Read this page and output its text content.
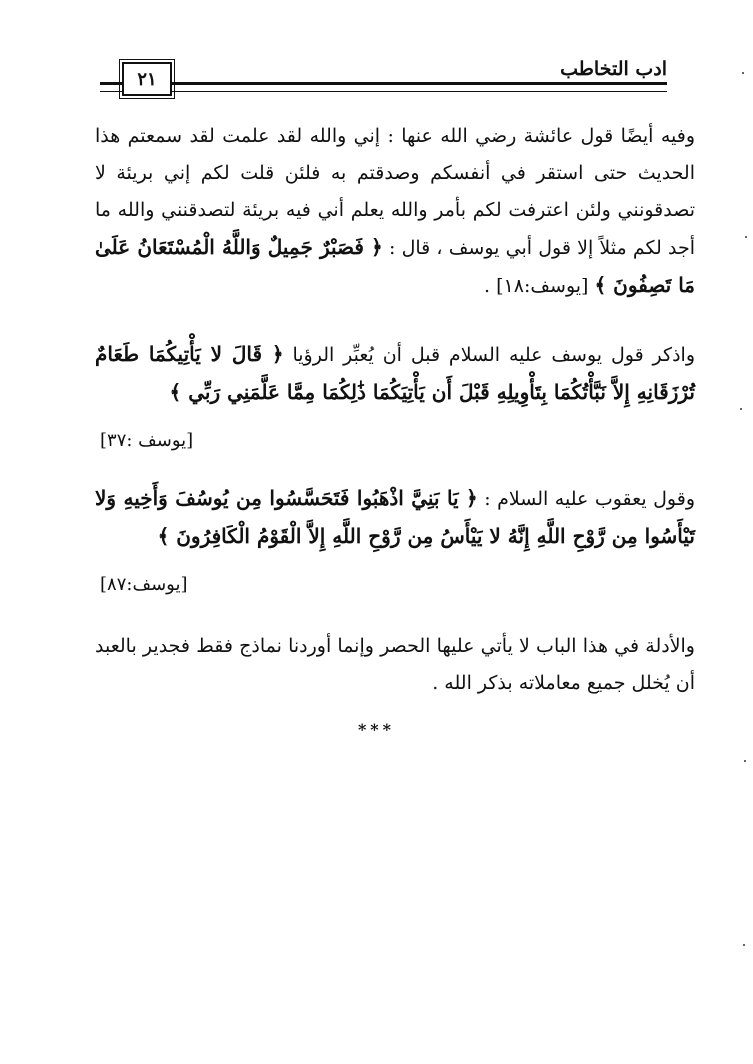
ادب التخاطب
٢١
وفيه أيضًا قول عائشة رضي الله عنها : إني والله لقد علمت لقد سمعتم هذا الحديث حتى استقر في أنفسكم وصدقتم به فلئن قلت لكم إني بريئة لا تصدقونني ولئن اعترفت لكم بأمر والله يعلم أني فيه بريئة لتصدقنني والله ما أجد لكم مثلاً إلا قول أبي يوسف ، قال : ﴿ فَصَبْرٌ جَمِيلٌ وَاللَّهُ الْمُسْتَعَانُ عَلَىٰ مَا تَصِفُونَ ﴾ [يوسف:١٨] .
واذكر قول يوسف عليه السلام قبل أن يُعبِّر الرؤيا ﴿ قَالَ لا يَأْتِيكُمَا طَعَامٌ تُرْزَقَانِهِ إِلاَّ نَبَّأْتُكُمَا بِتَأْوِيلِهِ قَبْلَ أَن يَأْتِيَكُمَا ذَٰلِكُمَا مِمَّا عَلَّمَنِي رَبِّي ﴾
[يوسف :٣٧]
وقول يعقوب عليه السلام : ﴿ يَا بَنِيَّ اذْهَبُوا فَتَحَسَّسُوا مِن يُوسُفَ وَأَخِيهِ وَلا تَيْأَسُوا مِن رَّوْحِ اللَّهِ إِنَّهُ لا يَيْأَسُ مِن رَّوْحِ اللَّهِ إِلاَّ الْقَوْمُ الْكَافِرُونَ ﴾
[يوسف:٨٧]
والأدلة في هذا الباب لا يأتي عليها الحصر وإنما أوردنا نماذج فقط فجدير بالعبد أن يُخلل جميع معاملاته بذكر الله .
***
